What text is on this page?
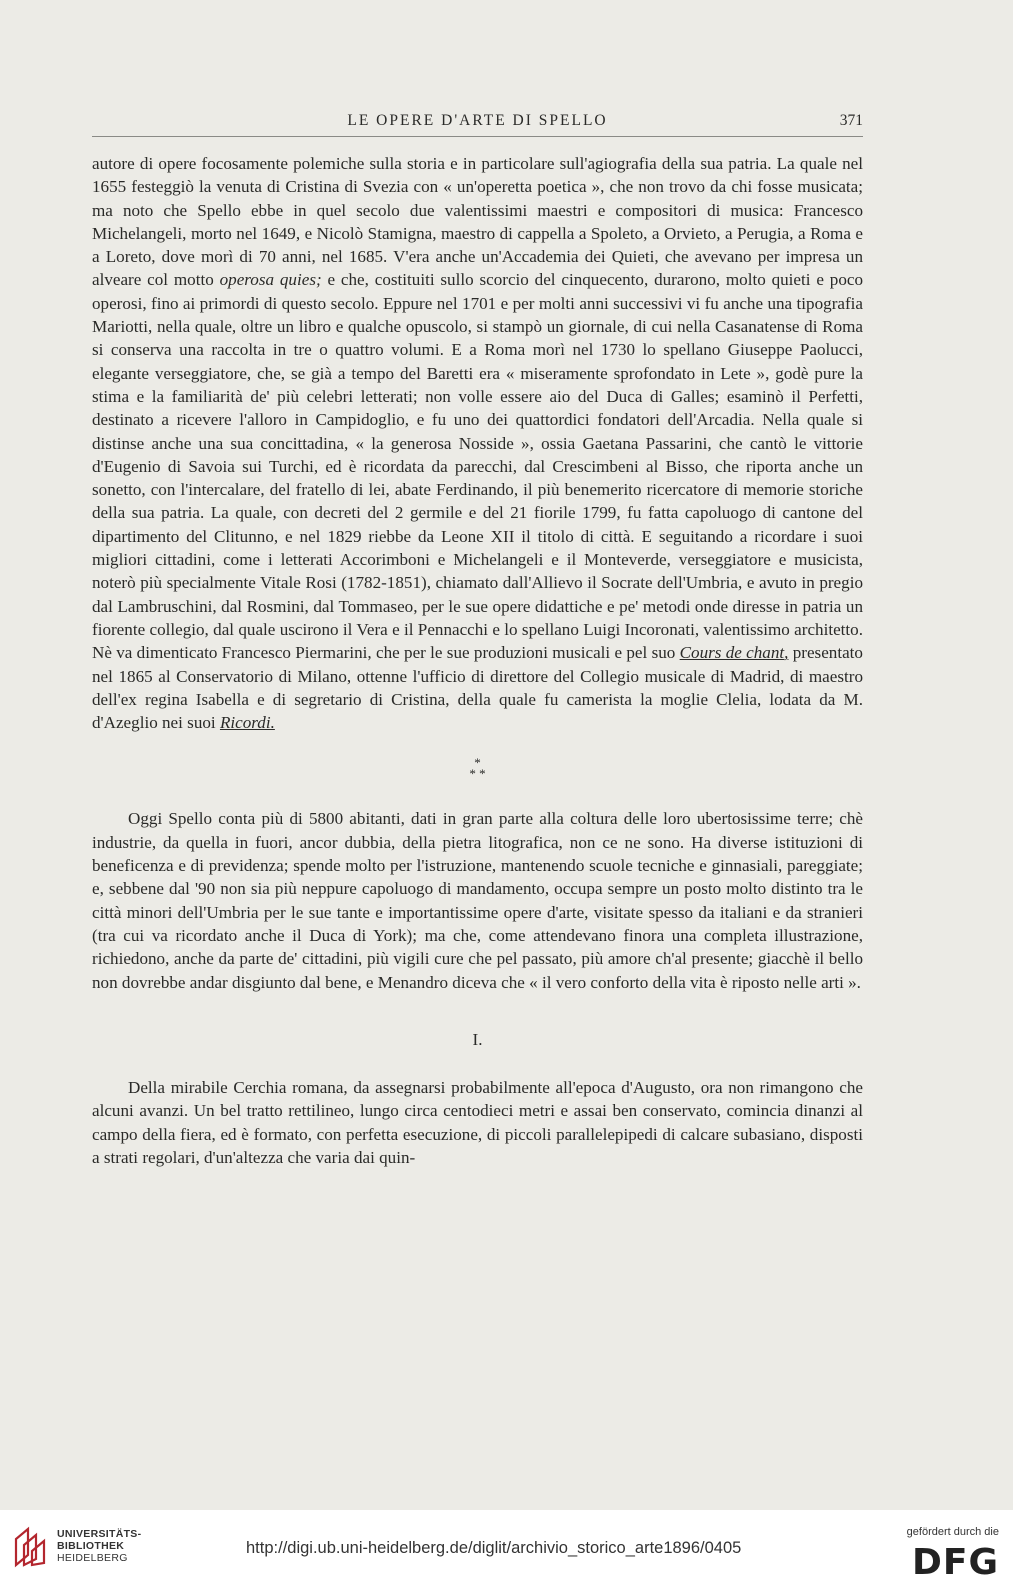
LE OPERE D'ARTE DI SPELLO	371

autore di opere focosamente polemiche sulla storia e in particolare sull'agiografia della sua patria. La quale nel 1655 festeggiò la venuta di Cristina di Svezia con « un'operetta poetica », che non trovo da chi fosse musicata; ma noto che Spello ebbe in quel secolo due valentissimi maestri e compositori di musica: Francesco Michelangeli, morto nel 1649, e Nicolò Stamigna, maestro di cappella a Spoleto, a Orvieto, a Perugia, a Roma e a Loreto, dove morì di 70 anni, nel 1685. V'era anche un'Accademia dei Quieti, che avevano per impresa un alveare col motto operosa quies; e che, costituiti sullo scorcio del cinquecento, durarono, molto quieti e poco operosi, fino ai primordi di questo secolo. Eppure nel 1701 e per molti anni successivi vi fu anche una tipografia Mariotti, nella quale, oltre un libro e qualche opuscolo, si stampò un giornale, di cui nella Casanatense di Roma si conserva una raccolta in tre o quattro volumi. E a Roma morì nel 1730 lo spellano Giuseppe Paolucci, elegante verseggiatore, che, se già a tempo del Baretti era « miseramente sprofondato in Lete », godè pure la stima e la familiarità de' più celebri letterati; non volle essere aio del Duca di Galles; esaminò il Perfetti, destinato a ricevere l'alloro in Campidoglio, e fu uno dei quattordici fondatori dell'Arcadia. Nella quale si distinse anche una sua concittadina, « la generosa Nosside », ossia Gaetana Passarini, che cantò le vittorie d'Eugenio di Savoia sui Turchi, ed è ricordata da parecchi, dal Crescimbeni al Bisso, che riporta anche un sonetto, con l'intercalare, del fratello di lei, abate Ferdinando, il più benemerito ricercatore di memorie storiche della sua patria. La quale, con decreti del 2 germile e del 21 fiorile 1799, fu fatta capoluogo di cantone del dipartimento del Clitunno, e nel 1829 riebbe da Leone XII il titolo di città. E seguitando a ricordare i suoi migliori cittadini, come i letterati Accorimboni e Michelangeli e il Monteverde, verseggiatore e musicista, noterò più specialmente Vitale Rosi (1782-1851), chiamato dall'Allievo il Socrate dell'Umbria, e avuto in pregio dal Lambruschini, dal Rosmini, dal Tommaseo, per le sue opere didattiche e pe' metodi onde diresse in patria un fiorente collegio, dal quale uscirono il Vera e il Pennacchi e lo spellano Luigi Incoronati, valentissimo architetto. Nè va dimenticato Francesco Piermarini, che per le sue produzioni musicali e pel suo Cours de chant, presentato nel 1865 al Conservatorio di Milano, ottenne l'ufficio di direttore del Collegio musicale di Madrid, di maestro dell'ex regina Isabella e di segretario di Cristina, della quale fu camerista la moglie Clelia, lodata da M. d'Azeglio nei suoi Ricordi.

*
* *

Oggi Spello conta più di 5800 abitanti, dati in gran parte alla coltura delle loro ubertosissime terre; chè industrie, da quella in fuori, ancor dubbia, della pietra litografica, non ce ne sono. Ha diverse istituzioni di beneficenza e di previdenza; spende molto per l'istruzione, mantenendo scuole tecniche e ginnasiali, pareggiate; e, sebbene dal '90 non sia più neppure capoluogo di mandamento, occupa sempre un posto molto distinto tra le città minori dell'Umbria per le sue tante e importantissime opere d'arte, visitate spesso da italiani e da stranieri (tra cui va ricordato anche il Duca di York); ma che, come attendevano finora una completa illustrazione, richiedono, anche da parte de' cittadini, più vigili cure che pel passato, più amore ch'al presente; giacchè il bello non dovrebbe andar disgiunto dal bene, e Menandro diceva che « il vero conforto della vita è riposto nelle arti ».

I.

Della mirabile Cerchia romana, da assegnarsi probabilmente all'epoca d'Augusto, ora non rimangono che alcuni avanzi. Un bel tratto rettilineo, lungo circa centodieci metri e assai ben conservato, comincia dinanzi al campo della fiera, ed è formato, con perfetta esecuzione, di piccoli parallelepipedi di calcare subasiano, disposti a strati regolari, d'un'altezza che varia dai quin-

UNIVERSITÄTS-
BIBLIOTHEK
HEIDELBERG
http://digi.ub.uni-heidelberg.de/diglit/archivio_storico_arte1896/0405
gefördert durch die
DFG
